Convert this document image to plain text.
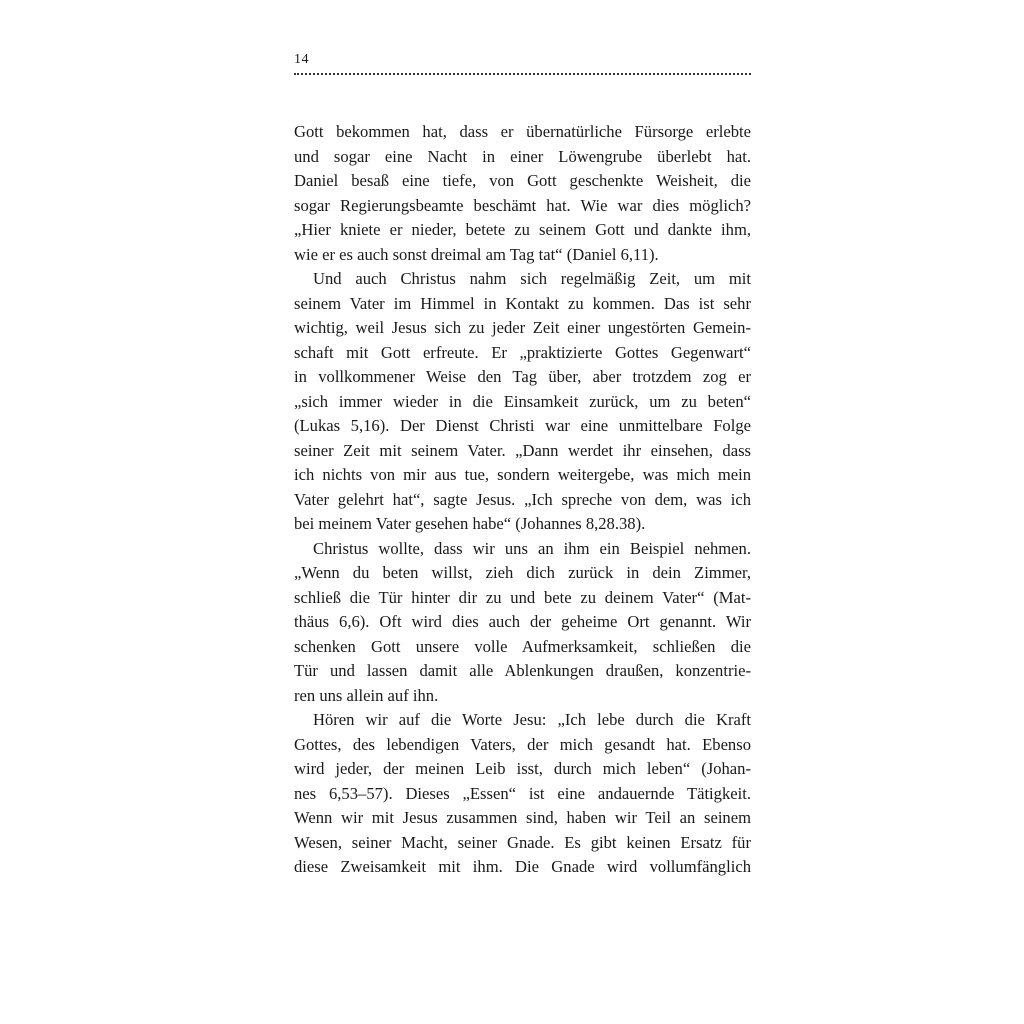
14
Gott bekommen hat, dass er übernatürliche Fürsorge erlebte
und sogar eine Nacht in einer Löwengrube überlebt hat.
Daniel besaß eine tiefe, von Gott geschenkte Weisheit, die
sogar Regierungsbeamte beschämt hat. Wie war dies möglich?
„Hier kniete er nieder, betete zu seinem Gott und dankte ihm,
wie er es auch sonst dreimal am Tag tat“ (Daniel 6,11).
Und auch Christus nahm sich regelmäßig Zeit, um mit
seinem Vater im Himmel in Kontakt zu kommen. Das ist sehr
wichtig, weil Jesus sich zu jeder Zeit einer ungestörten Gemein-
schaft mit Gott erfreute. Er „praktizierte Gottes Gegenwart“
in vollkommener Weise den Tag über, aber trotzdem zog er
„sich immer wieder in die Einsamkeit zurück, um zu beten“
(Lukas 5,16). Der Dienst Christi war eine unmittelbare Folge
seiner Zeit mit seinem Vater. „Dann werdet ihr einsehen, dass
ich nichts von mir aus tue, sondern weitergebe, was mich mein
Vater gelehrt hat“, sagte Jesus. „Ich spreche von dem, was ich
bei meinem Vater gesehen habe“ (Johannes 8,28.38).
Christus wollte, dass wir uns an ihm ein Beispiel nehmen.
„Wenn du beten willst, zieh dich zurück in dein Zimmer,
schließ die Tür hinter dir zu und bete zu deinem Vater“ (Mat-
thäus 6,6). Oft wird dies auch der geheime Ort genannt. Wir
schenken Gott unsere volle Aufmerksamkeit, schließen die
Tür und lassen damit alle Ablenkungen draußen, konzentrie-
ren uns allein auf ihn.
Hören wir auf die Worte Jesu: „Ich lebe durch die Kraft
Gottes, des lebendigen Vaters, der mich gesandt hat. Ebenso
wird jeder, der meinen Leib isst, durch mich leben“ (Johan-
nes 6,53–57). Dieses „Essen“ ist eine andauernde Tätigkeit.
Wenn wir mit Jesus zusammen sind, haben wir Teil an seinem
Wesen, seiner Macht, seiner Gnade. Es gibt keinen Ersatz für
diese Zweisamkeit mit ihm. Die Gnade wird vollumfänglich
